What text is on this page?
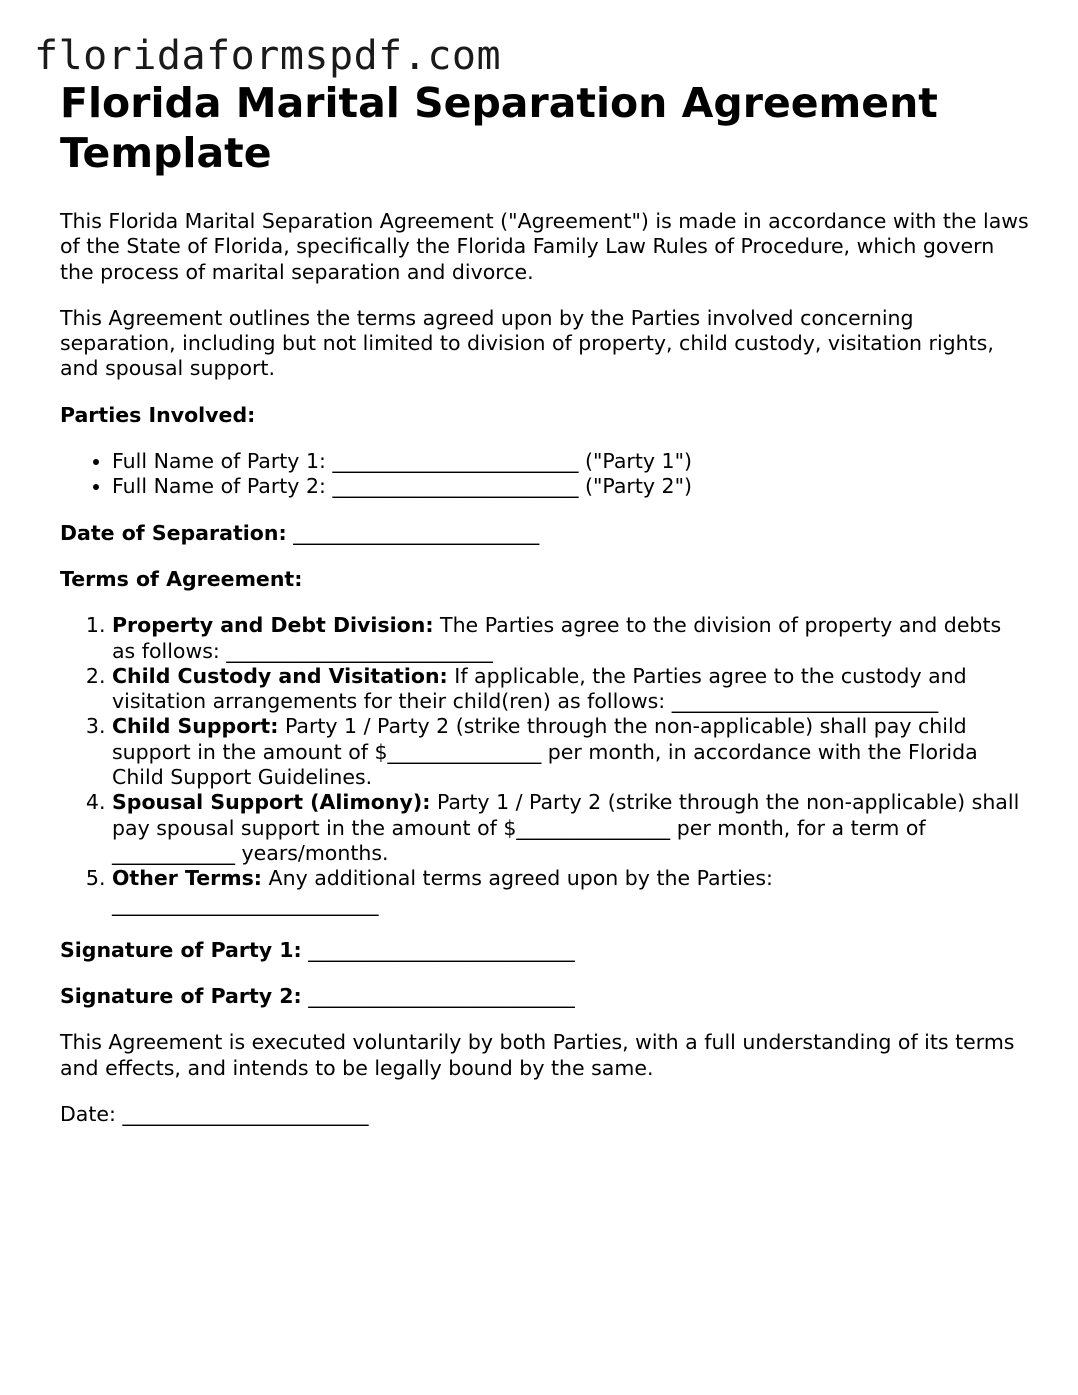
floridaformspdf.com
Florida Marital Separation Agreement Template

This Florida Marital Separation Agreement ("Agreement") is made in accordance with the laws of the State of Florida, specifically the Florida Family Law Rules of Procedure, which govern the process of marital separation and divorce.

This Agreement outlines the terms agreed upon by the Parties involved concerning separation, including but not limited to division of property, child custody, visitation rights, and spousal support.

Parties Involved:

• Full Name of Party 1: ________________________ ("Party 1")
• Full Name of Party 2: ________________________ ("Party 2")

Date of Separation: ________________________

Terms of Agreement:

1. Property and Debt Division: The Parties agree to the division of property and debts as follows: __________________________
2. Child Custody and Visitation: If applicable, the Parties agree to the custody and visitation arrangements for their child(ren) as follows: __________________________
3. Child Support: Party 1 / Party 2 (strike through the non-applicable) shall pay child support in the amount of $_______________ per month, in accordance with the Florida Child Support Guidelines.
4. Spousal Support (Alimony): Party 1 / Party 2 (strike through the non-applicable) shall pay spousal support in the amount of $_______________ per month, for a term of ____________ years/months.
5. Other Terms: Any additional terms agreed upon by the Parties: __________________________

Signature of Party 1: __________________________

Signature of Party 2: __________________________

This Agreement is executed voluntarily by both Parties, with a full understanding of its terms and effects, and intends to be legally bound by the same.

Date: ________________________
